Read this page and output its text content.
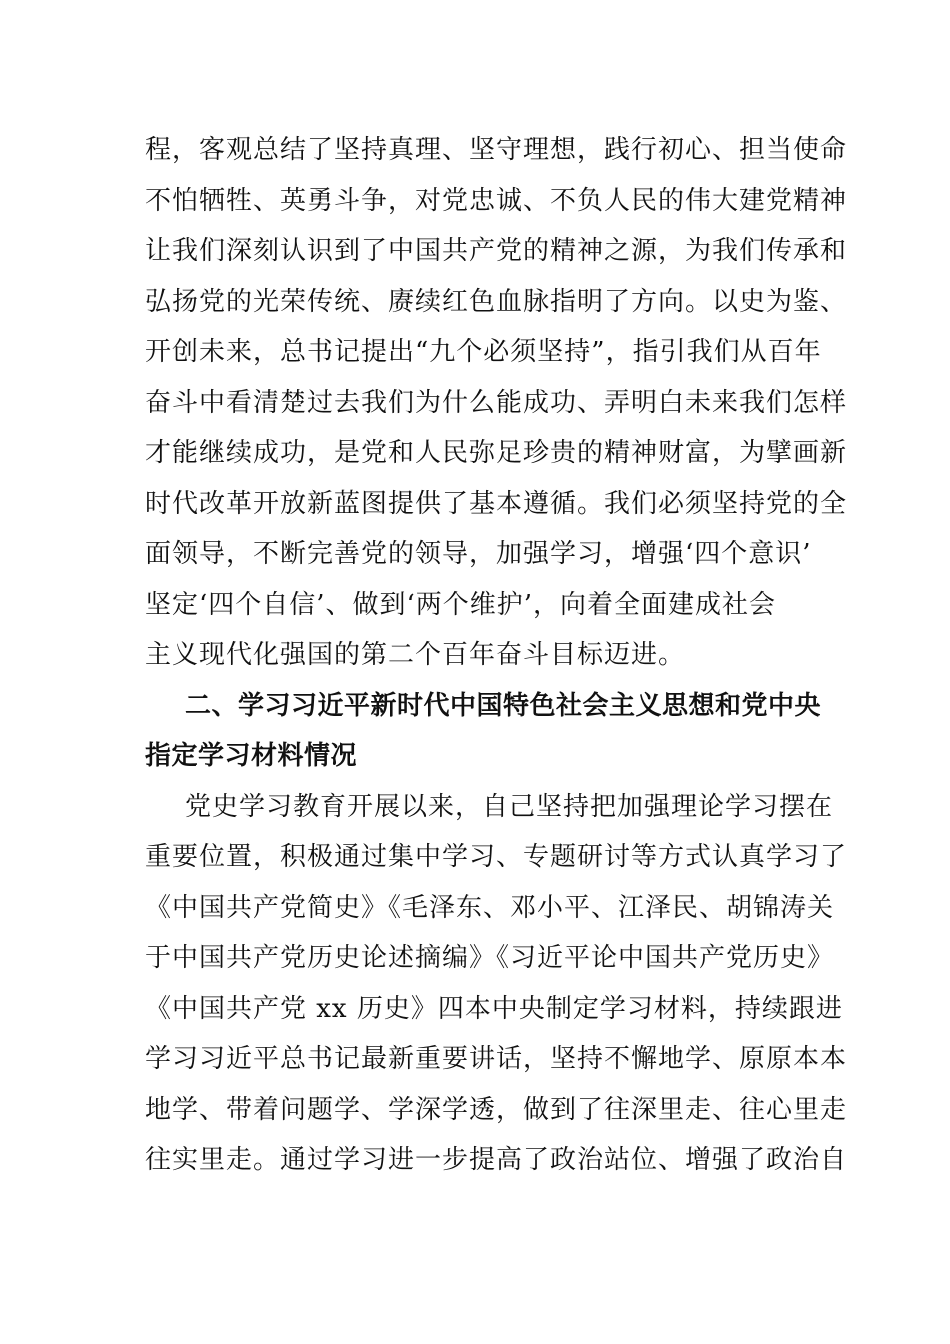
程，客观总结了坚持真理、坚守理想，践行初心、担当使命
不怕牺牲、英勇斗争，对党忠诚、不负人民的伟大建党精神
让我们深刻认识到了中国共产党的精神之源，为我们传承和
弘扬党的光荣传统、赓续红色血脉指明了方向。以史为鉴、
开创未来，总书记提出“九个必须坚持”，指引我们从百年
奋斗中看清楚过去我们为什么能成功、弄明白未来我们怎样
才能继续成功，是党和人民弥足珍贵的精神财富，为擘画新
时代改革开放新蓝图提供了基本遵循。我们必须坚持党的全
面领导，不断完善党的领导，加强学习，增强‘四个意识’
坚定‘四个自信’、做到‘两个维护’，向着全面建成社会
主义现代化强国的第二个百年奋斗目标迈进。
二、学习习近平新时代中国特色社会主义思想和党中央
指定学习材料情况
党史学习教育开展以来，自己坚持把加强理论学习摆在
重要位置，积极通过集中学习、专题研讨等方式认真学习了
《中国共产党简史》《毛泽东、邓小平、江泽民、胡锦涛关
于中国共产党历史论述摘编》《习近平论中国共产党历史》
《中国共产党 xx 历史》四本中央制定学习材料，持续跟进
学习习近平总书记最新重要讲话，坚持不懈地学、原原本本
地学、带着问题学、学深学透，做到了往深里走、往心里走
往实里走。通过学习进一步提高了政治站位、增强了政治自
